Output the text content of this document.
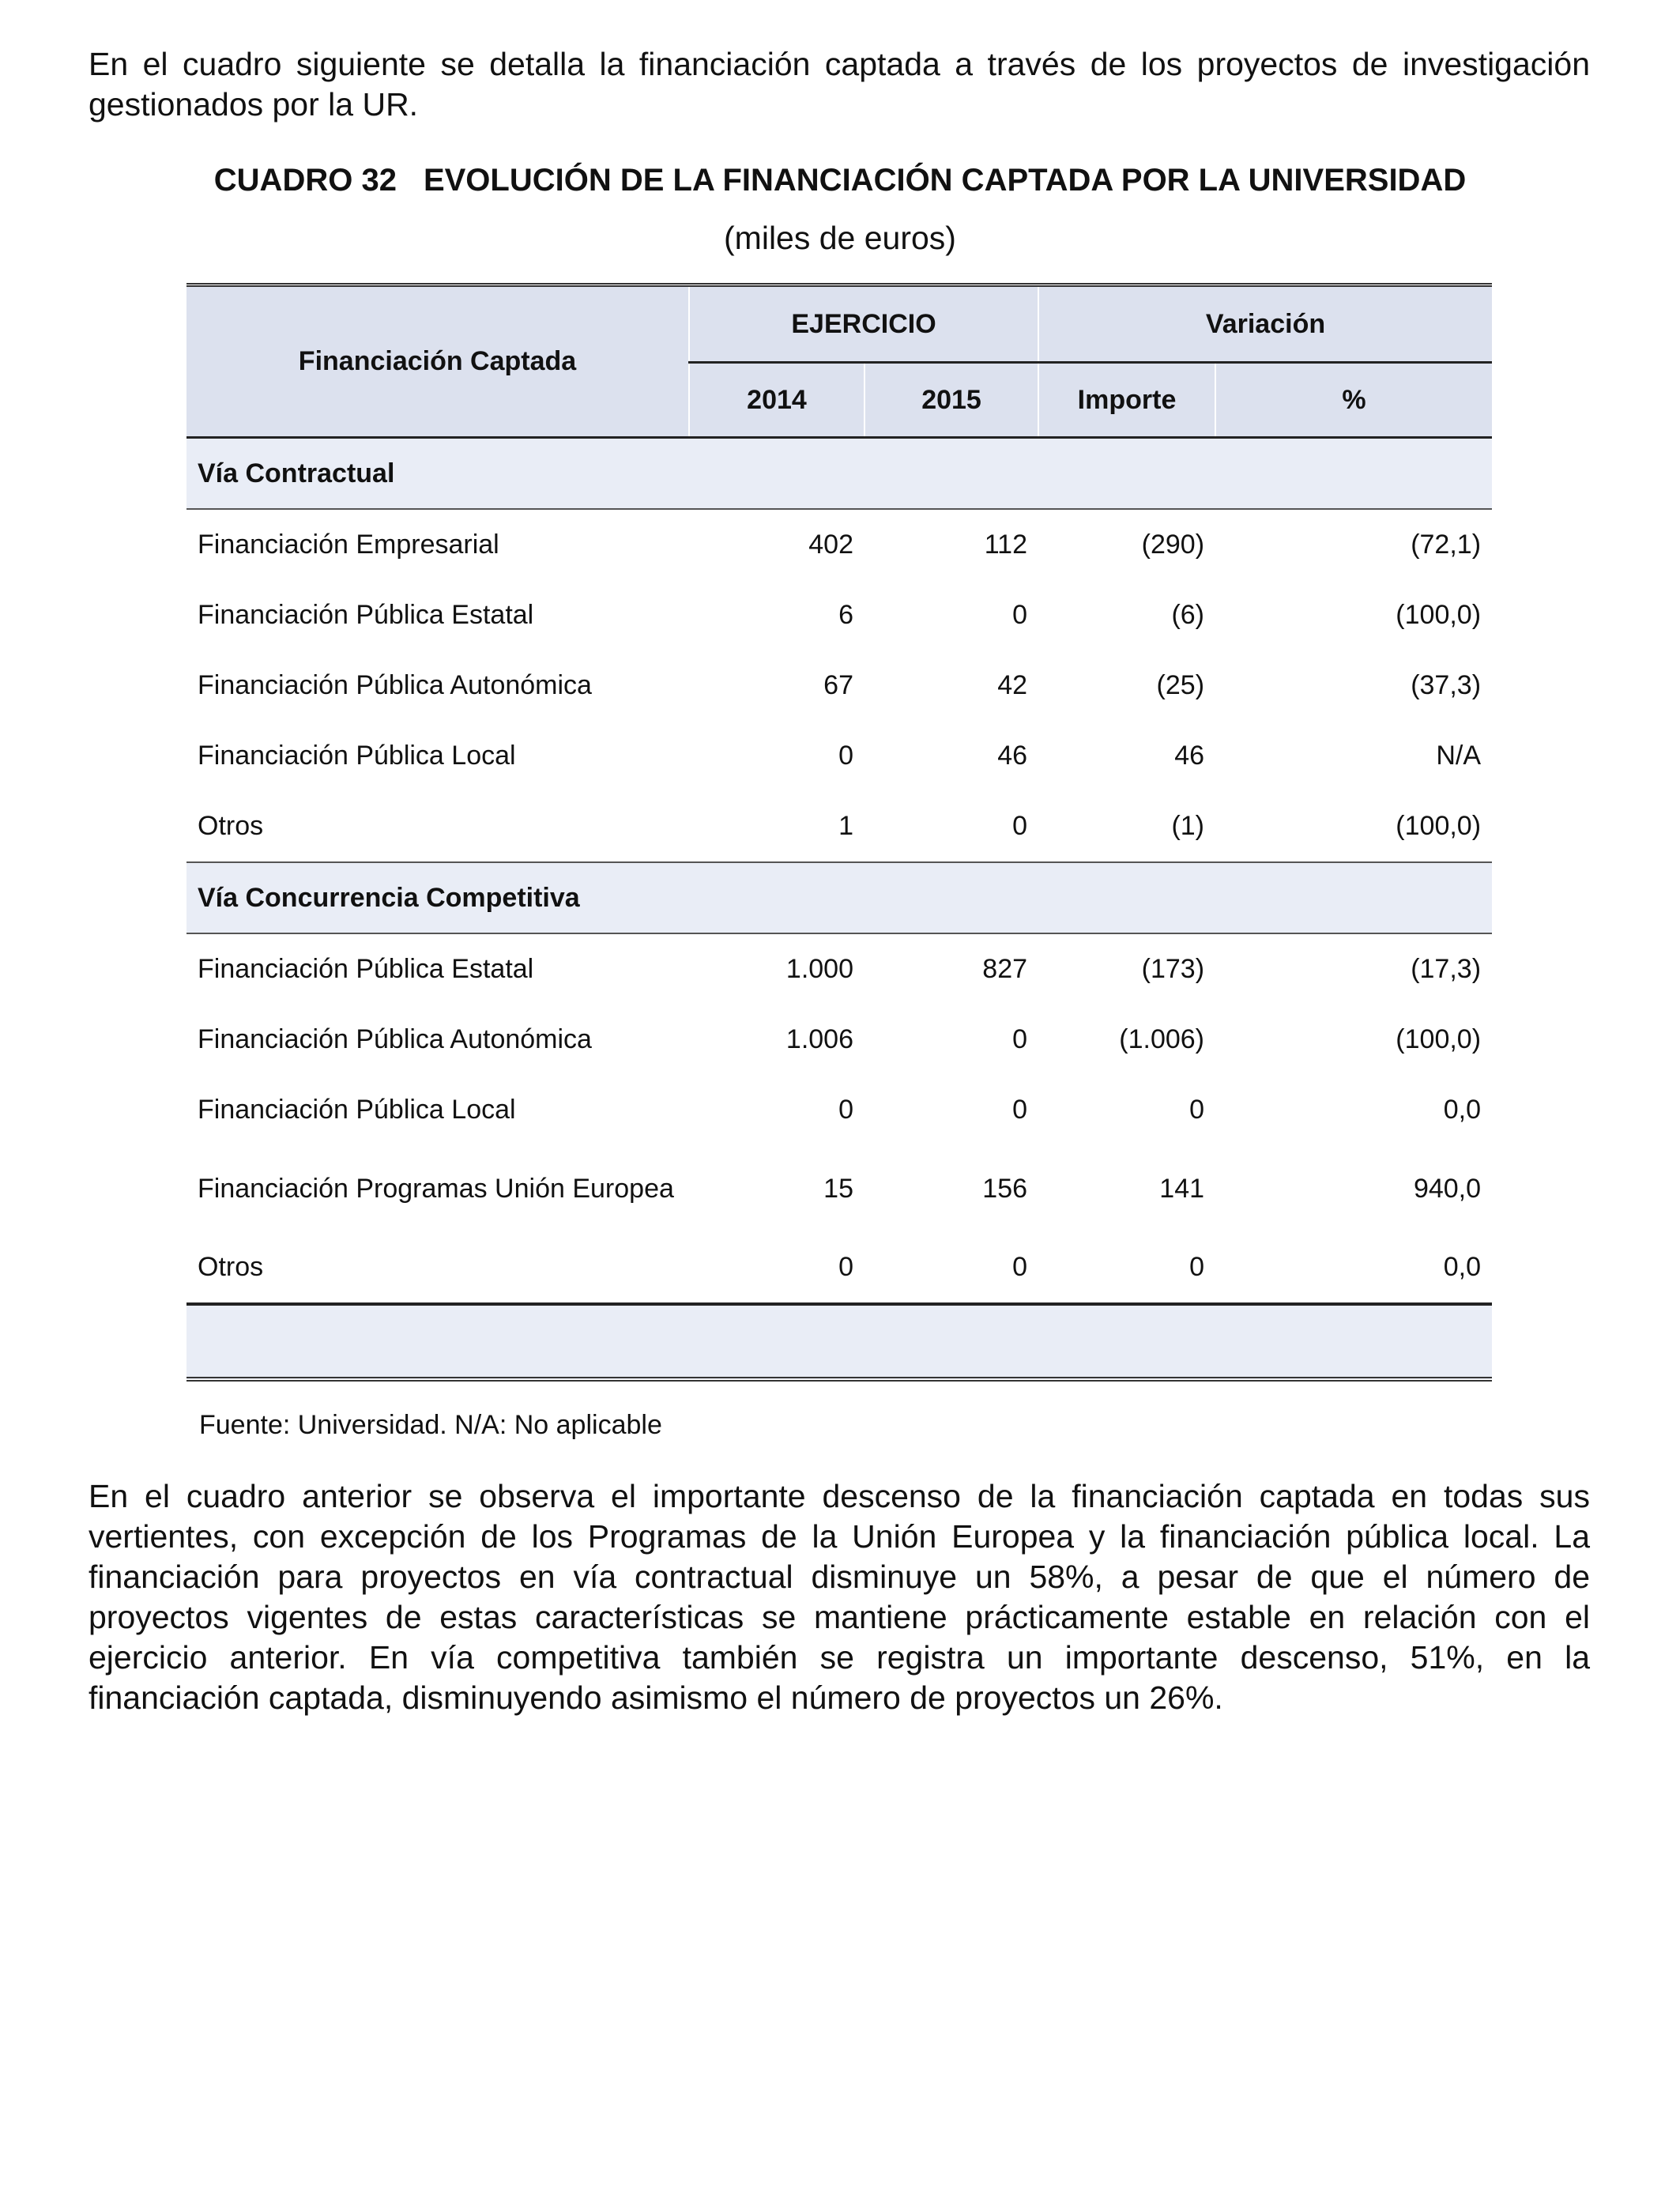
En el cuadro siguiente se detalla la financiación captada a través de los proyectos de investigación gestionados por la UR.

CUADRO 32 EVOLUCIÓN DE LA FINANCIACIÓN CAPTADA POR LA UNIVERSIDAD

(miles de euros)

Financiación Captada	EJERCICIO		Variación	
	2014	2015	Importe	%
Vía Contractual				
Financiación Empresarial	402	112	(290)	(72,1)
Financiación Pública Estatal	6	0	(6)	(100,0)
Financiación Pública Autonómica	67	42	(25)	(37,3)
Financiación Pública Local	0	46	46	N/A
Otros	1	0	(1)	(100,0)
Vía Concurrencia Competitiva				
Financiación Pública Estatal	1.000	827	(173)	(17,3)
Financiación Pública Autonómica	1.006	0	(1.006)	(100,0)
Financiación Pública Local	0	0	0	0,0
Financiación Programas Unión Europea	15	156	141	940,0
Otros	0	0	0	0,0

Fuente: Universidad. N/A: No aplicable

En el cuadro anterior se observa el importante descenso de la financiación captada en todas sus vertientes, con excepción de los Programas de la Unión Europea y la financiación pública local. La financiación para proyectos en vía contractual disminuye un 58%, a pesar de que el número de proyectos vigentes de estas características se mantiene prácticamente estable en relación con el ejercicio anterior. En vía competitiva también se registra un importante descenso, 51%, en la financiación captada, disminuyendo asimismo el número de proyectos un 26%.
